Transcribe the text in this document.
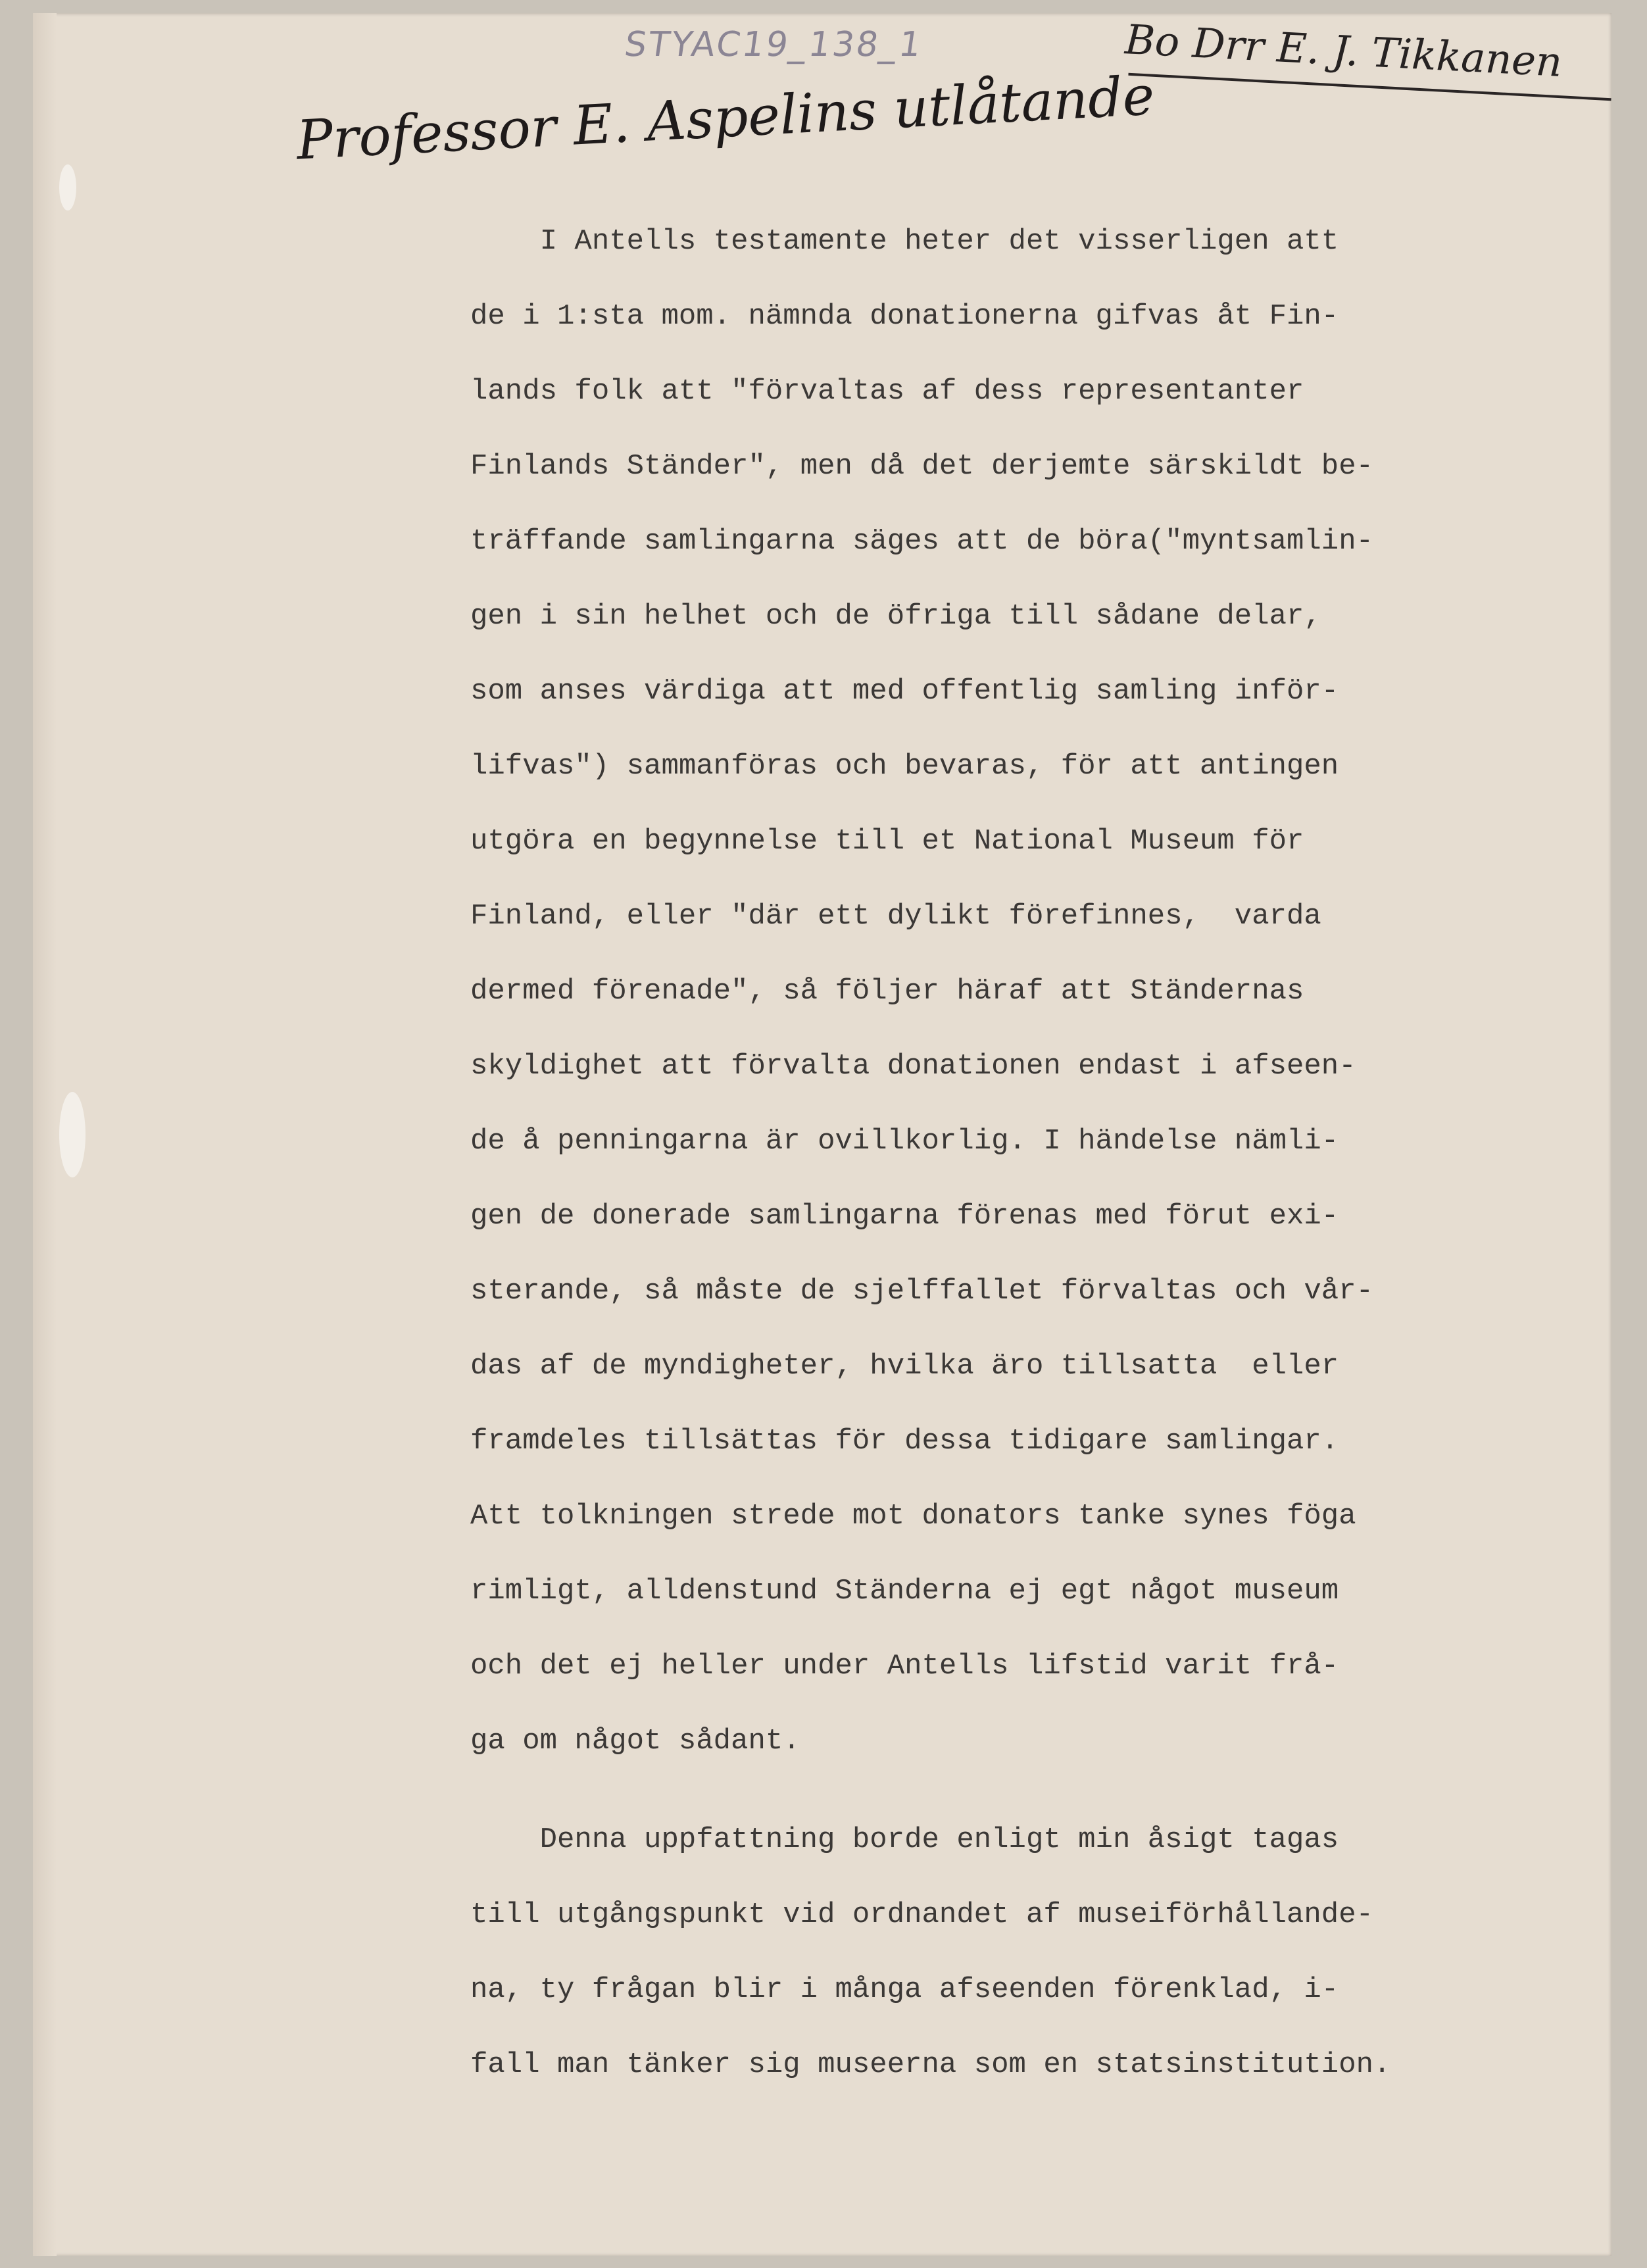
STYAC19_138_1	Bo Drr E. J. Tikkanen
Professor E. Aspelins utlåtande
I Antells testamente heter det visserligen att
de i 1:sta mom. nämnda donationerna gifvas åt Fin-
lands folk att "förvaltas af dess representanter
Finlands Ständer", men då det derjemte särskildt be-
träffande samlingarna säges att de böra("myntsamlin-
gen i sin helhet och de öfriga till sådane delar,
som anses värdiga att med offentlig samling inför-
lifvas") sammanföras och bevaras, för att antingen
utgöra en begynnelse till et National Museum för
Finland, eller "där ett dylikt förefinnes,  varda
dermed förenade", så följer häraf att Ständernas
skyldighet att förvalta donationen endast i afseen-
de å penningarna är ovillkorlig. I händelse nämli-
gen de donerade samlingarna förenas med förut exi-
sterande, så måste de sjelffallet förvaltas och vår-
das af de myndigheter, hvilka äro tillsatta  eller
framdeles tillsättas för dessa tidigare samlingar.
Att tolkningen strede mot donators tanke synes föga
rimligt, alldenstund Ständerna ej egt något museum
och det ej heller under Antells lifstid varit frå-
ga om något sådant.
Denna uppfattning borde enligt min åsigt tagas
till utgångspunkt vid ordnandet af museiförhållande-
na, ty frågan blir i många afseenden förenklad, i-
fall man tänker sig museerna som en statsinstitution.
